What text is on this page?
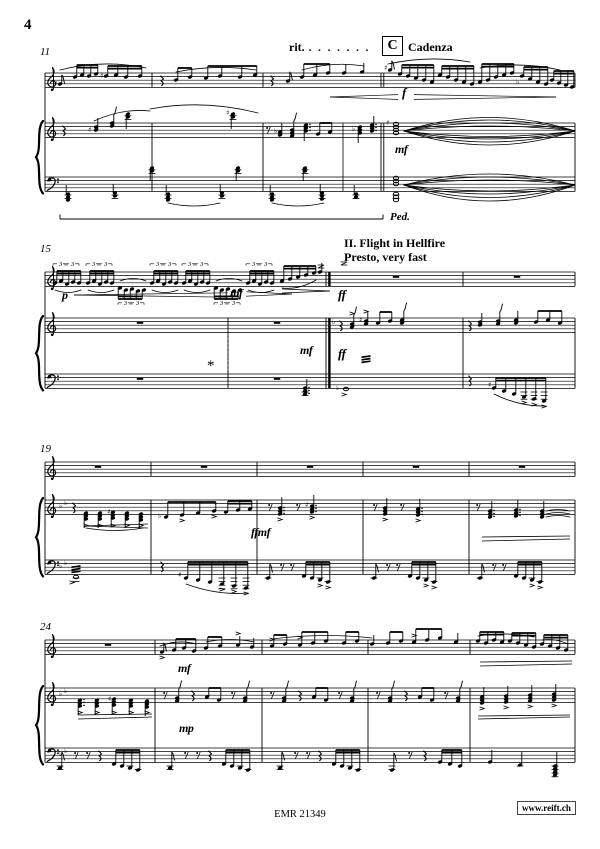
♯
♯
♯
♭
♯
♯
♭	♭
♯
3 3	3 3
3 3
3 3	3 3
3 3
3 3
♭	♯
♭	♯
♭ ♭
♭ ♭
♯	♭
♯
♯
♭ ♭
♭ ♭
♯
4
11	rit. . . . . . . .	C Cadenza
f
mf
Ped.
15	II. Flight in Hellfire
Presto, very fast
p	mf	ff
mf ff
*
19
ffmf
24
mf
mp
EMR 21349
www.reift.ch
